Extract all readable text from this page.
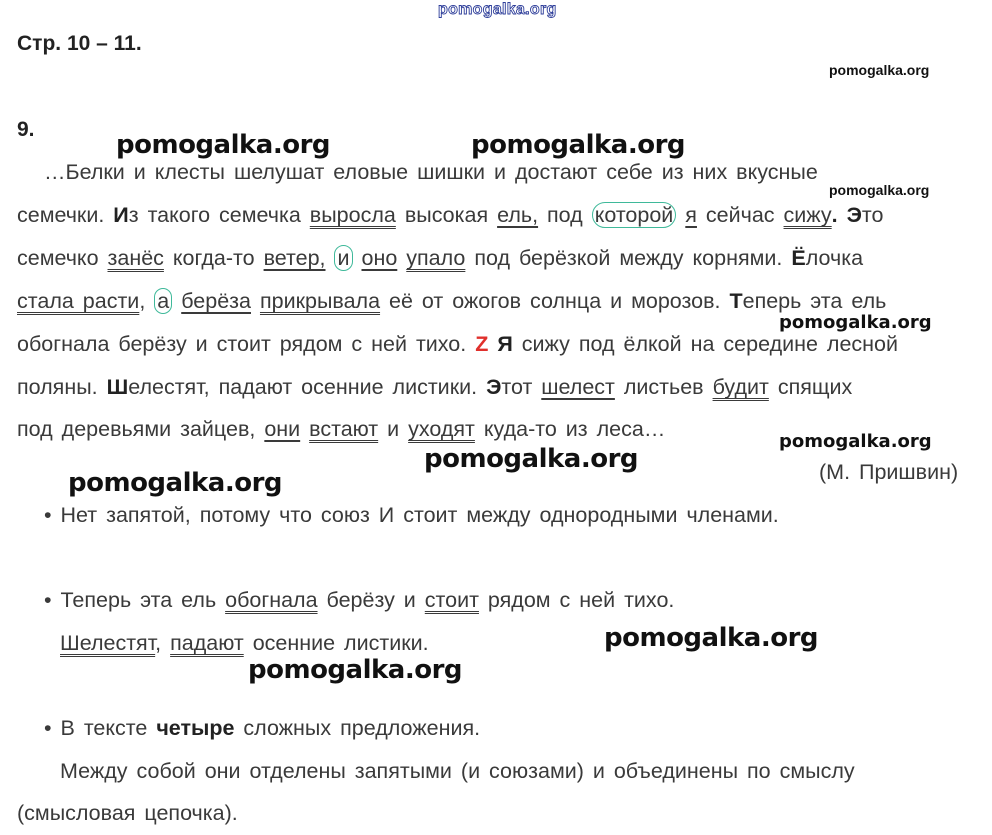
pomogalka.org
Стр. 10 – 11.
pomogalka.org
9.
pomogalka.org	pomogalka.org
…Белки и клесты шелушат еловые шишки и достают себе из них вкусные
pomogalka.org
семечки. Из такого семечка выросла высокая ель, под которой я сейчас сижу. Это
семечко занёс когда-то ветер, и оно упало под берёзкой между корнями. Ёлочка
стала расти, а берёза прикрывала её от ожогов солнца и морозов. Теперь эта ель
pomogalka.org
обогнала берёзу и стоит рядом с ней тихо. Z Я сижу под ёлкой на середине лесной
поляны. Шелестят, падают осенние листики. Этот шелест листьев будит спящих
под деревьями зайцев, они встают и уходят куда-то из леса…
pomogalka.org
pomogalka.org	(М. Пришвин)
pomogalka.org
• Нет запятой, потому что союз И стоит между однородными членами.
• Теперь эта ель обогнала берёзу и стоит рядом с ней тихо.
Шелестят, падают осенние листики.	pomogalka.org
pomogalka.org
• В тексте четыре сложных предложения.
Между собой они отделены запятыми (и союзами) и объединены по смыслу
(смысловая цепочка).
